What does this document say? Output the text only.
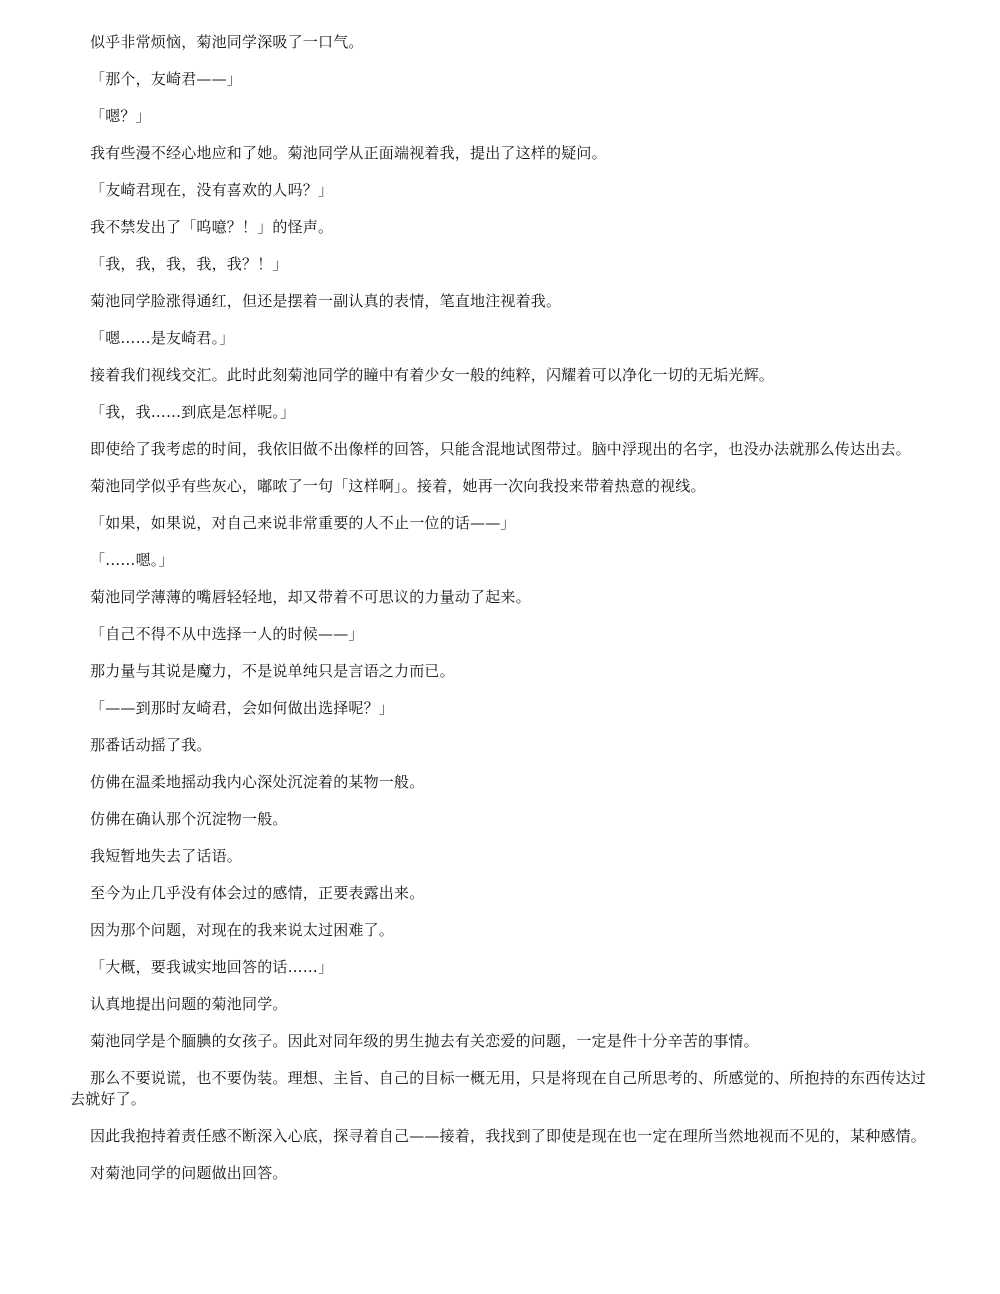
似乎非常烦恼，菊池同学深吸了一口气。

「那个，友崎君——」

「嗯？」

我有些漫不经心地应和了她。菊池同学从正面端视着我，提出了这样的疑问。

「友崎君现在，没有喜欢的人吗？」

我不禁发出了「呜噫？！」的怪声。

「我，我，我，我，我？！」

菊池同学脸涨得通红，但还是摆着一副认真的表情，笔直地注视着我。

「嗯……是友崎君。」

接着我们视线交汇。此时此刻菊池同学的瞳中有着少女一般的纯粹，闪耀着可以净化一切的无垢光辉。

「我，我……到底是怎样呢。」

即使给了我考虑的时间，我依旧做不出像样的回答，只能含混地试图带过。脑中浮现出的名字，也没办法就那么传达出去。

菊池同学似乎有些灰心，嘟哝了一句「这样啊」。接着，她再一次向我投来带着热意的视线。

「如果，如果说，对自己来说非常重要的人不止一位的话——」

「……嗯。」

菊池同学薄薄的嘴唇轻轻地，却又带着不可思议的力量动了起来。

「自己不得不从中选择一人的时候——」

那力量与其说是魔力，不是说单纯只是言语之力而已。

「——到那时友崎君，会如何做出选择呢？」

那番话动摇了我。

仿佛在温柔地摇动我内心深处沉淀着的某物一般。

仿佛在确认那个沉淀物一般。

我短暂地失去了话语。

至今为止几乎没有体会过的感情，正要表露出来。

因为那个问题，对现在的我来说太过困难了。

「大概，要我诚实地回答的话……」

认真地提出问题的菊池同学。

菊池同学是个腼腆的女孩子。因此对同年级的男生抛去有关恋爱的问题，一定是件十分辛苦的事情。

那么不要说谎，也不要伪装。理想、主旨、自己的目标一概无用，只是将现在自己所思考的、所感觉的、所抱持的东西传达过去就好了。

因此我抱持着责任感不断深入心底，探寻着自己——接着，我找到了即使是现在也一定在理所当然地视而不见的，某种感情。

对菊池同学的问题做出回答。
